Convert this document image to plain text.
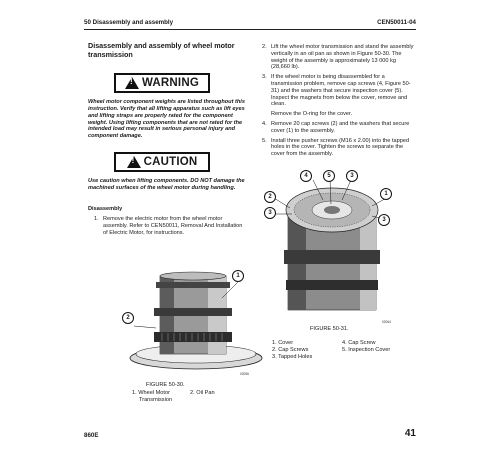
50 Disassembly and assembly	CEN50011-04
Disassembly and assembly of wheel motor transmission
! WARNING
Wheel motor component weights are listed throughout this instruction. Verify that all lifting apparatus such as lift eyes and lifting straps are properly rated for the component weight. Using lifting components that are not rated for the intended load may result in serious personal injury and component damage.
! CAUTION
Use caution when lifting components. DO NOT damage the machined surfaces of the wheel motor during handling.
Disassembly
1. Remove the electric motor from the wheel motor assembly. Refer to CEN50011, Removal And Installation of Electric Motor, for instructions.
2. Lift the wheel motor transmission and stand the assembly vertically in an oil pan as shown in Figure 50-30. The weight of the assembly is approximately 13 000 kg (28,660 lb).
3. If the wheel motor is being disassembled for a transmission problem, remove cap screws (4, Figure 50-31) and the washers that secure inspection cover (5). Inspect the magnets from below the cover, remove and clean.
Remove the O-ring for the cover.
4. Remove 20 cap screws (2) and the washers that secure cover (1) to the assembly.
5. Install three pusher screws (M16 x 2.00) into the tapped holes in the cover. Tighten the screws to separate the cover from the assembly.
1
2
02056
FIGURE 50-30.
1. Wheel Motor
Transmission
2. Oil Pan
4	5	3
2
3
1
3
02064
FIGURE 50-31.
1. Cover
2. Cap Screws
3. Tapped Holes
4. Cap Screw
5. Inspection Cover
860E	41
